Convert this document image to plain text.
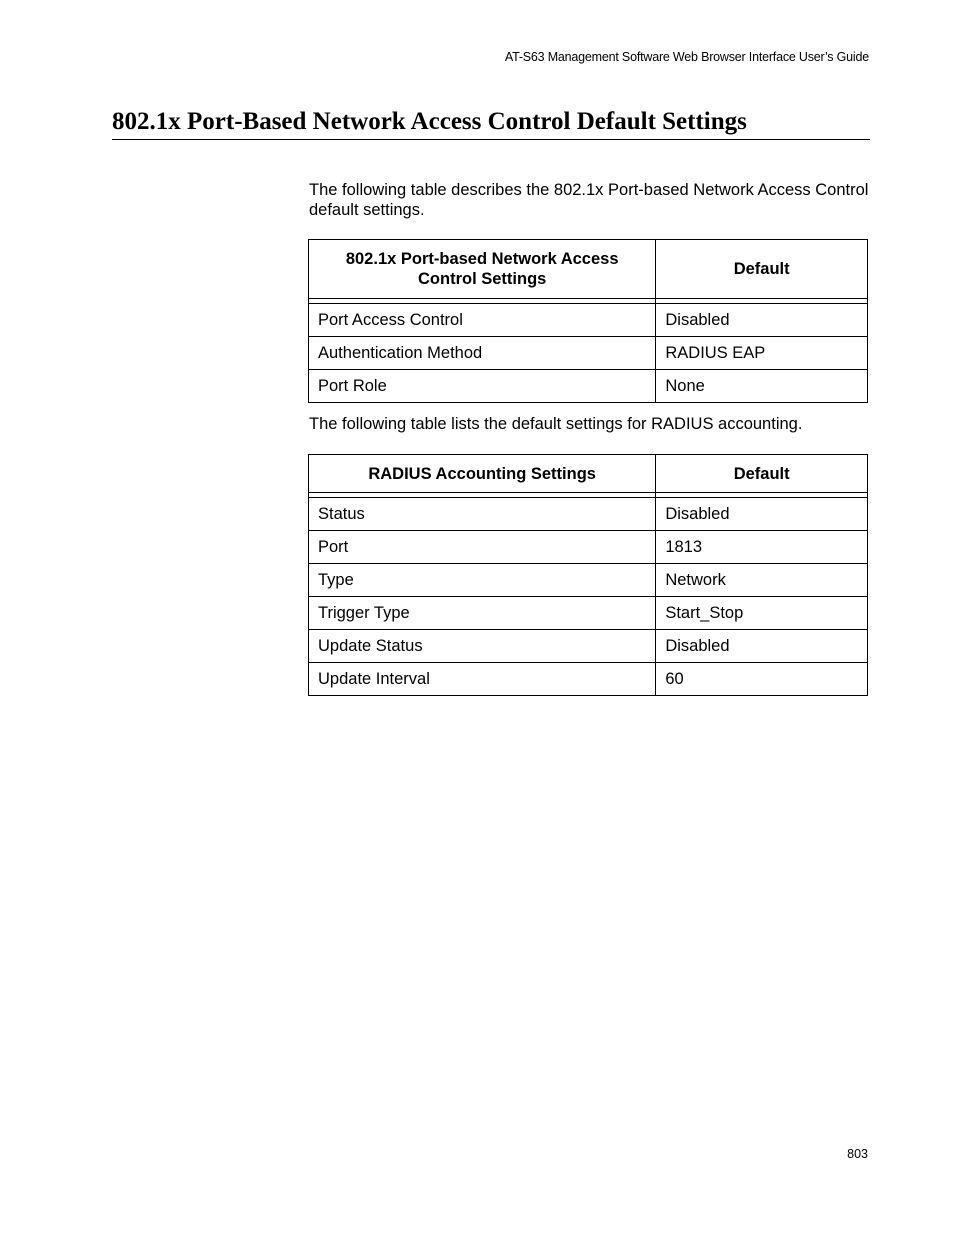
AT-S63 Management Software Web Browser Interface User’s Guide
802.1x Port-Based Network Access Control Default Settings

The following table describes the 802.1x Port-based Network Access Control default settings.

802.1x Port-based Network Access Control Settings	Default

Port Access Control	Disabled
Authentication Method	RADIUS EAP
Port Role	None

The following table lists the default settings for RADIUS accounting.

RADIUS Accounting Settings	Default

Status	Disabled
Port	1813
Type	Network
Trigger Type	Start_Stop
Update Status	Disabled
Update Interval	60
803
